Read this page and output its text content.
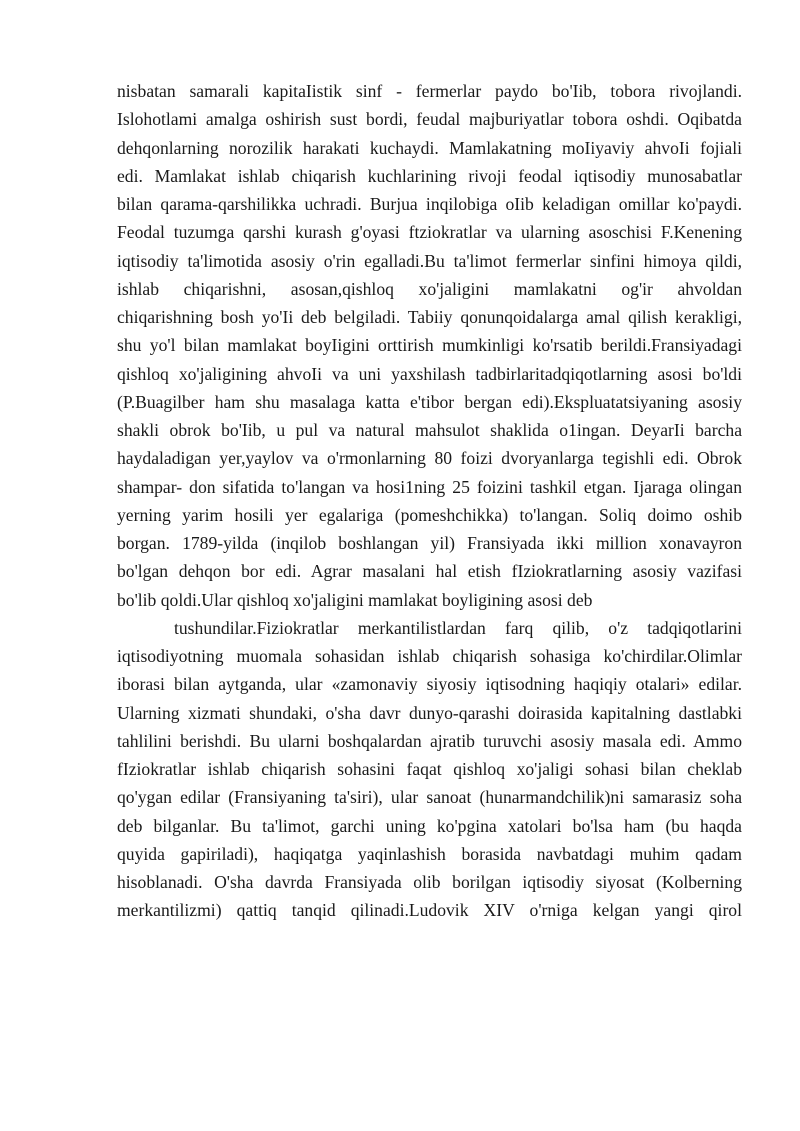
nisbatan samarali kapitaIistik sinf - fermerlar paydo bo'Iib, tobora rivojlandi.
Islohotlami amalga oshirish sust bordi, feudal majburiyatlar tobora oshdi. Oqibatda
dehqonlarning norozilik harakati kuchaydi. Mamlakatning moIiyaviy ahvoIi fojiali
edi. Mamlakat ishlab chiqarish kuchlarining rivoji feodal iqtisodiy munosabatlar
bilan qarama-qarshilikka uchradi. Burjua inqilobiga oIib keladigan omillar ko'paydi.
Feodal tuzumga qarshi kurash g'oyasi ftziokratlar va ularning asoschisi F.Kenening
iqtisodiy ta'limotida asosiy o'rin egalladi.Bu ta'limot fermerlar sinfini himoya qildi,
ishlab chiqarishni, asosan,qishloq xo'jaligini mamlakatni og'ir ahvoldan
chiqarishning bosh yo'Ii deb belgiladi. Tabiiy qonunqoidalarga amal qilish kerakligi,
shu yo'l bilan mamlakat boyIigini orttirish mumkinligi ko'rsatib berildi.Fransiyadagi
qishloq xo'jaligining ahvoIi va uni yaxshilash tadbirlaritadqiqotlarning asosi bo'ldi
(P.Buagilber ham shu masalaga katta e'tibor bergan edi).Ekspluatatsiyaning asosiy
shakli obrok bo'Iib, u pul va natural mahsulot shaklida o1ingan. DeyarIi barcha
haydaladigan yer,yaylov va o'rmonlarning 80 foizi dvoryanlarga tegishli edi. Obrok
shampar- don sifatida to'langan va hosi1ning 25 foizini tashkil etgan. Ijaraga olingan
yerning yarim hosili yer egalariga (pomeshchikka) to'langan. Soliq doimo oshib
borgan. 1789-yilda (inqilob boshlangan yil) Fransiyada ikki million xonavayron
bo'lgan dehqon bor edi. Agrar masalani hal etish fIziokratlarning asosiy vazifasi
bo'lib qoldi.Ular qishloq xo'jaligini mamlakat boyligining asosi deb

tushundilar.Fiziokratlar merkantilistlardan farq qilib, o'z tadqiqotlarini
iqtisodiyotning muomala sohasidan ishlab chiqarish sohasiga ko'chirdilar.Olimlar
iborasi bilan aytganda, ular «zamonaviy siyosiy iqtisodning haqiqiy otalari» edilar.
Ularning xizmati shundaki, o'sha davr dunyo-qarashi doirasida kapitalning dastlabki
tahlilini berishdi. Bu ularni boshqalardan ajratib turuvchi asosiy masala edi. Ammo
fIziokratlar ishlab chiqarish sohasini faqat qishloq xo'jaligi sohasi bilan cheklab
qo'ygan edilar (Fransiyaning ta'siri), ular sanoat (hunarmandchilik)ni samarasiz soha
deb bilganlar. Bu ta'limot, garchi uning ko'pgina xatolari bo'lsa ham (bu haqda
quyida gapiriladi), haqiqatga yaqinlashish borasida navbatdagi muhim qadam
hisoblanadi. O'sha davrda Fransiyada olib borilgan iqtisodiy siyosat (Kolberning
merkantilizmi) qattiq tanqid qilinadi.Ludovik XIV o'rniga kelgan yangi qirol
